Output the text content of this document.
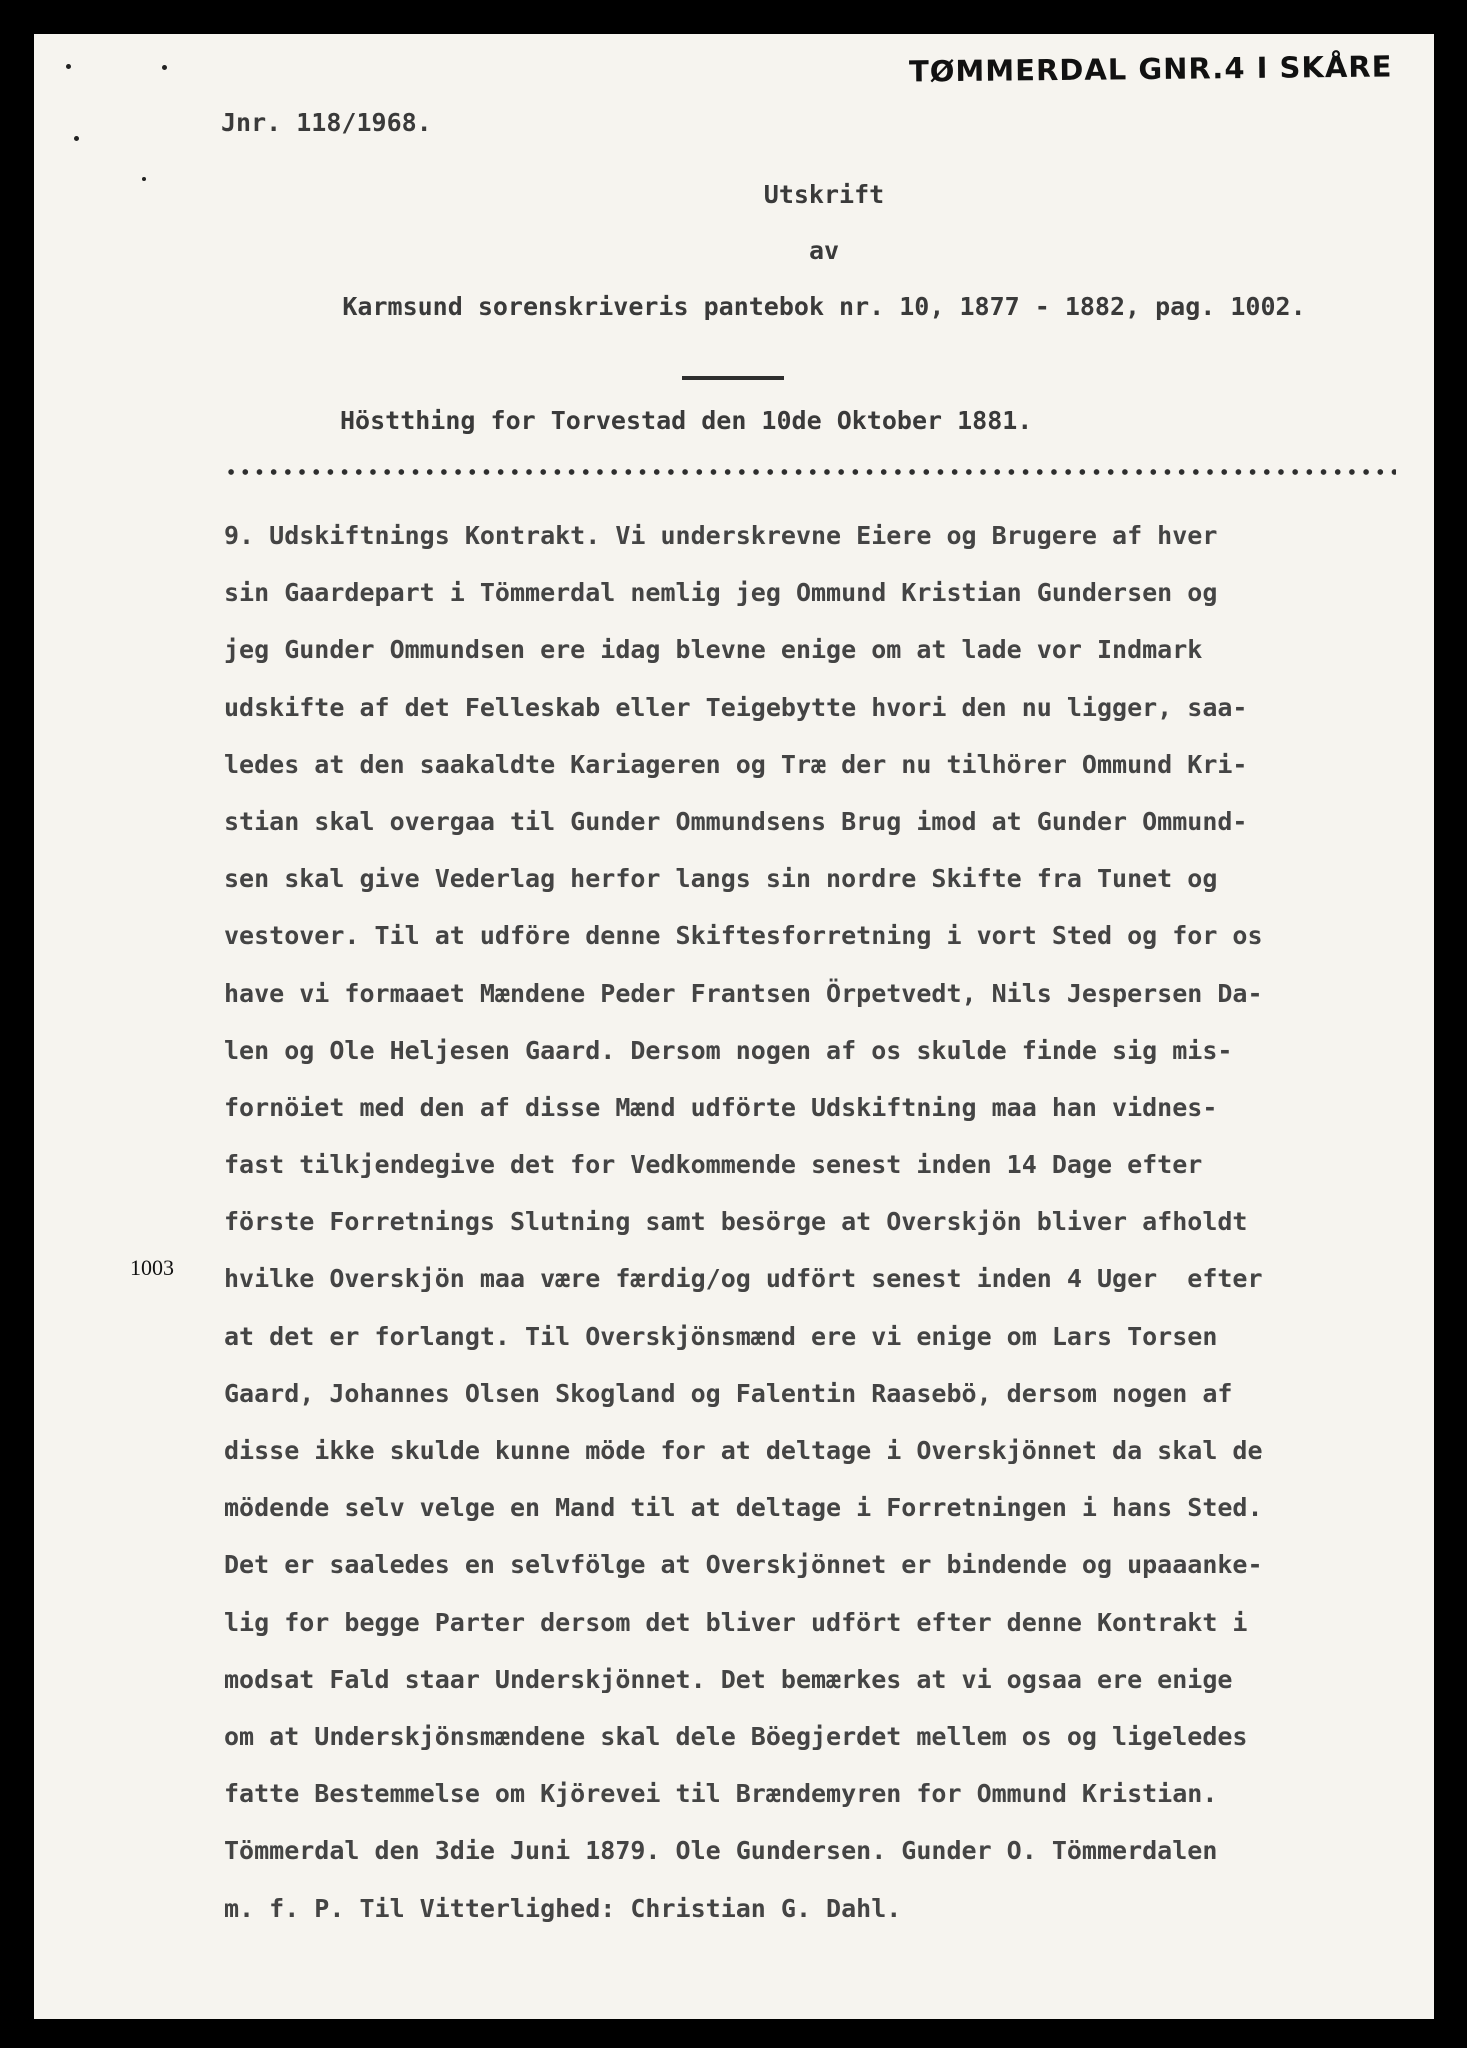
TØMMERDAL GNR.4 I SKÅRE
Jnr. 118/1968.
Utskrift
av
Karmsund sorenskriveris pantebok nr. 10, 1877 - 1882, pag. 1002.
Höstthing for Torvestad den 10de Oktober 1881.
1003
9. Udskiftnings Kontrakt. Vi underskrevne Eiere og Brugere af hver
sin Gaardepart i Tömmerdal nemlig jeg Ommund Kristian Gundersen og
jeg Gunder Ommundsen ere idag blevne enige om at lade vor Indmark
udskifte af det Felleskab eller Teigebytte hvori den nu ligger, saa-
ledes at den saakaldte Kariageren og Træ der nu tilhörer Ommund Kri-
stian skal overgaa til Gunder Ommundsens Brug imod at Gunder Ommund-
sen skal give Vederlag herfor langs sin nordre Skifte fra Tunet og
vestover. Til at udföre denne Skiftesforretning i vort Sted og for os
have vi formaaet Mændene Peder Frantsen Örpetvedt, Nils Jespersen Da-
len og Ole Heljesen Gaard. Dersom nogen af os skulde finde sig mis-
fornöiet med den af disse Mænd udförte Udskiftning maa han vidnes-
fast tilkjendegive det for Vedkommende senest inden 14 Dage efter
förste Forretnings Slutning samt besörge at Overskjön bliver afholdt
hvilke Overskjön maa være færdig/og udfört senest inden 4 Uger  efter
at det er forlangt. Til Overskjönsmænd ere vi enige om Lars Torsen
Gaard, Johannes Olsen Skogland og Falentin Raasebö, dersom nogen af
disse ikke skulde kunne möde for at deltage i Overskjönnet da skal de
mödende selv velge en Mand til at deltage i Forretningen i hans Sted.
Det er saaledes en selvfölge at Overskjönnet er bindende og upaaanke-
lig for begge Parter dersom det bliver udfört efter denne Kontrakt i
modsat Fald staar Underskjönnet. Det bemærkes at vi ogsaa ere enige
om at Underskjönsmændene skal dele Böegjerdet mellem os og ligeledes
fatte Bestemmelse om Kjörevei til Brændemyren for Ommund Kristian.
Tömmerdal den 3die Juni 1879. Ole Gundersen. Gunder O. Tömmerdalen
m. f. P. Til Vitterlighed: Christian G. Dahl.
